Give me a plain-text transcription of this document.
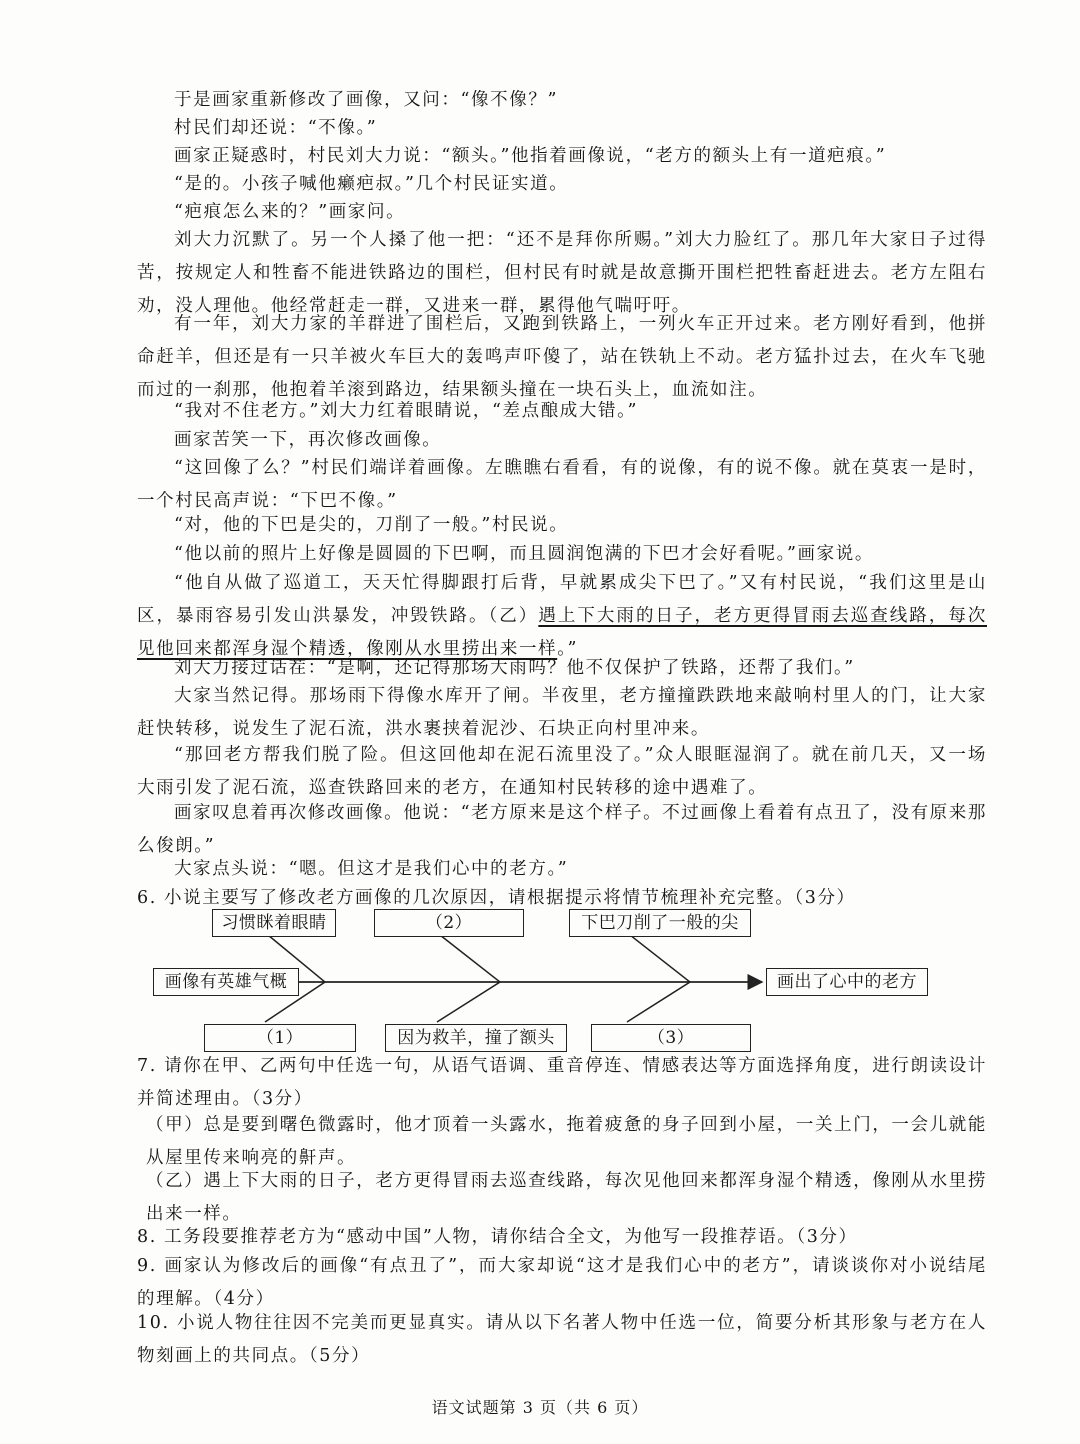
于是画家重新修改了画像，又问：“像不像？”

村民们却还说：“不像。”

画家正疑惑时，村民刘大力说：“额头。”他指着画像说，“老方的额头上有一道疤痕。”

“是的。小孩子喊他癞疤叔。”几个村民证实道。

“疤痕怎么来的？”画家问。

刘大力沉默了。另一个人搡了他一把：“还不是拜你所赐。”刘大力脸红了。那几年大家日子过得苦，按规定人和牲畜不能进铁路边的围栏，但村民有时就是故意撕开围栏把牲畜赶进去。老方左阻右劝，没人理他。他经常赶走一群，又进来一群，累得他气喘吁吁。

有一年，刘大力家的羊群进了围栏后，又跑到铁路上，一列火车正开过来。老方刚好看到，他拼命赶羊，但还是有一只羊被火车巨大的轰鸣声吓傻了，站在铁轨上不动。老方猛扑过去，在火车飞驰而过的一刹那，他抱着羊滚到路边，结果额头撞在一块石头上，血流如注。

“我对不住老方。”刘大力红着眼睛说，“差点酿成大错。”

画家苦笑一下，再次修改画像。

“这回像了么？”村民们端详着画像。左瞧瞧右看看，有的说像，有的说不像。就在莫衷一是时，一个村民高声说：“下巴不像。”

“对，他的下巴是尖的，刀削了一般。”村民说。

“他以前的照片上好像是圆圆的下巴啊，而且圆润饱满的下巴才会好看呢。”画家说。

“他自从做了巡道工，天天忙得脚跟打后背，早就累成尖下巴了。”又有村民说，“我们这里是山区，暴雨容易引发山洪暴发，冲毁铁路。（乙）遇上下大雨的日子，老方更得冒雨去巡查线路，每次见他回来都浑身湿个精透，像刚从水里捞出来一样。”

刘大力接过话茬：“是啊，还记得那场大雨吗？他不仅保护了铁路，还帮了我们。”

大家当然记得。那场雨下得像水库开了闸。半夜里，老方撞撞跌跌地来敲响村里人的门，让大家赶快转移，说发生了泥石流，洪水裹挟着泥沙、石块正向村里冲来。

“那回老方帮我们脱了险。但这回他却在泥石流里没了。”众人眼眶湿润了。就在前几天，又一场大雨引发了泥石流，巡查铁路回来的老方，在通知村民转移的途中遇难了。

画家叹息着再次修改画像。他说：“老方原来是这个样子。不过画像上看着有点丑了，没有原来那么俊朗。”

大家点头说：“嗯。但这才是我们心中的老方。”

6. 小说主要写了修改老方画像的几次原因，请根据提示将情节梳理补充完整。（3分）

习惯眯着眼睛	（2）	下巴刀削了一般的尖
画像有英雄气概	画出了心中的老方
（1）	因为救羊，撞了额头	（3）

7. 请你在甲、乙两句中任选一句，从语气语调、重音停连、情感表达等方面选择角度，进行朗读设计并简述理由。（3分）

（甲）总是要到曙色微露时，他才顶着一头露水，拖着疲惫的身子回到小屋，一关上门，一会儿就能从屋里传来响亮的鼾声。

（乙）遇上下大雨的日子，老方更得冒雨去巡查线路，每次见他回来都浑身湿个精透，像刚从水里捞出来一样。

8. 工务段要推荐老方为“感动中国”人物，请你结合全文，为他写一段推荐语。（3分）

9. 画家认为修改后的画像“有点丑了”，而大家却说“这才是我们心中的老方”，请谈谈你对小说结尾的理解。（4分）

10. 小说人物往往因不完美而更显真实。请从以下名著人物中任选一位，简要分析其形象与老方在人物刻画上的共同点。（5分）

语文试题第 3 页（共 6 页）
